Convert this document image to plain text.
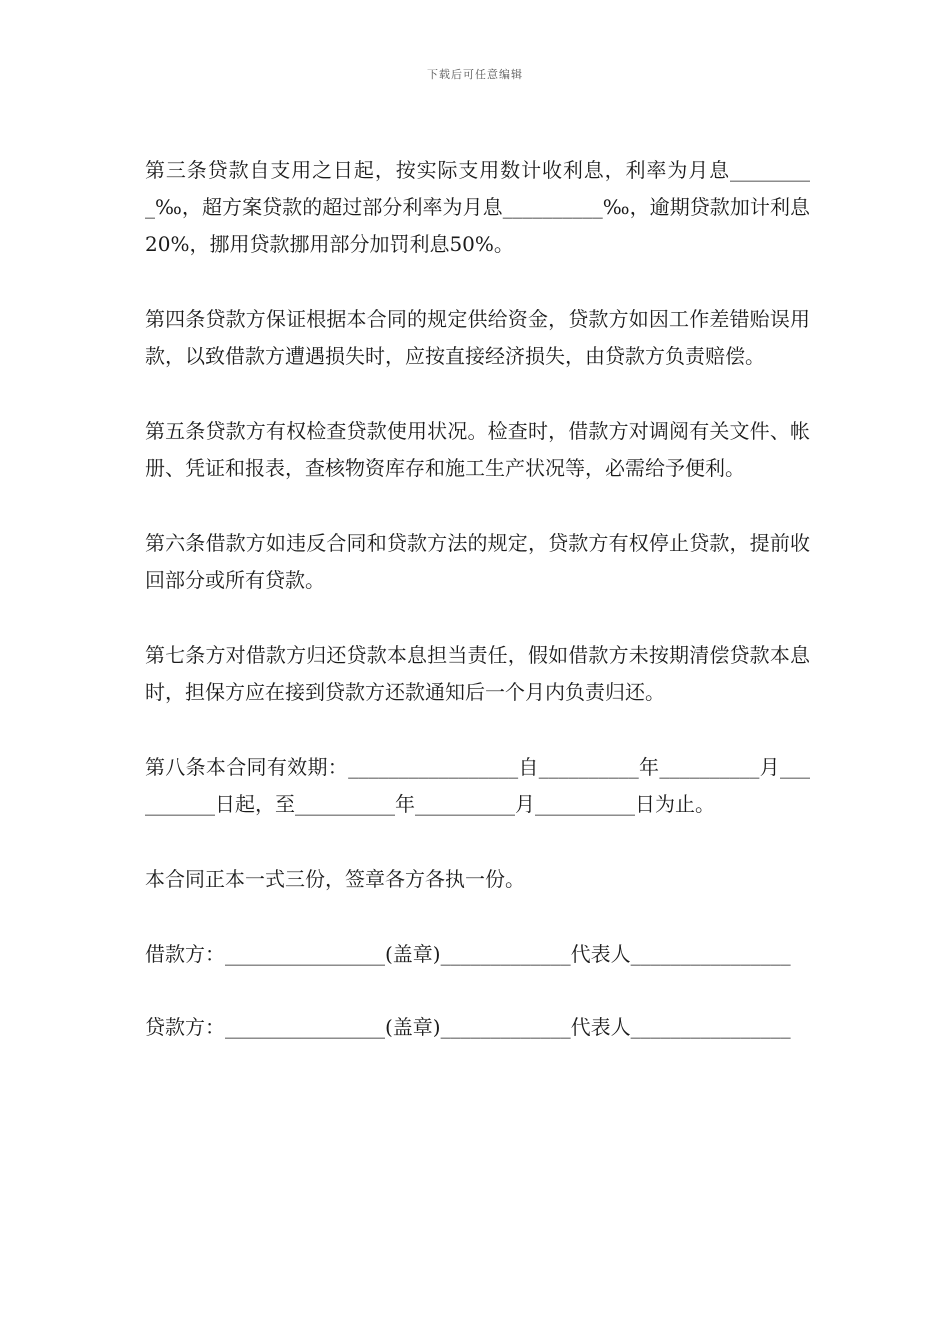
下载后可任意编辑

第三条贷款自支用之日起，按实际支用数计收利息，利率为月息_________‰，超方案贷款的超过部分利率为月息__________‰，逾期贷款加计利息20%，挪用贷款挪用部分加罚利息50%。

第四条贷款方保证根据本合同的规定供给资金，贷款方如因工作差错贻误用款，以致借款方遭遇损失时，应按直接经济损失，由贷款方负责赔偿。

第五条贷款方有权检查贷款使用状况。检查时，借款方对调阅有关文件、帐册、凭证和报表，查核物资库存和施工生产状况等，必需给予便利。

第六条借款方如违反合同和贷款方法的规定，贷款方有权停止贷款，提前收回部分或所有贷款。

第七条方对借款方归还贷款本息担当责任，假如借款方未按期清偿贷款本息时，担保方应在接到贷款方还款通知后一个月内负责归还。

第八条本合同有效期：_________________自__________年__________月__________日起，至__________年__________月__________日为止。

本合同正本一式三份，签章各方各执一份。

借款方：________________(盖章)_____________代表人________________

贷款方：________________(盖章)_____________代表人________________
